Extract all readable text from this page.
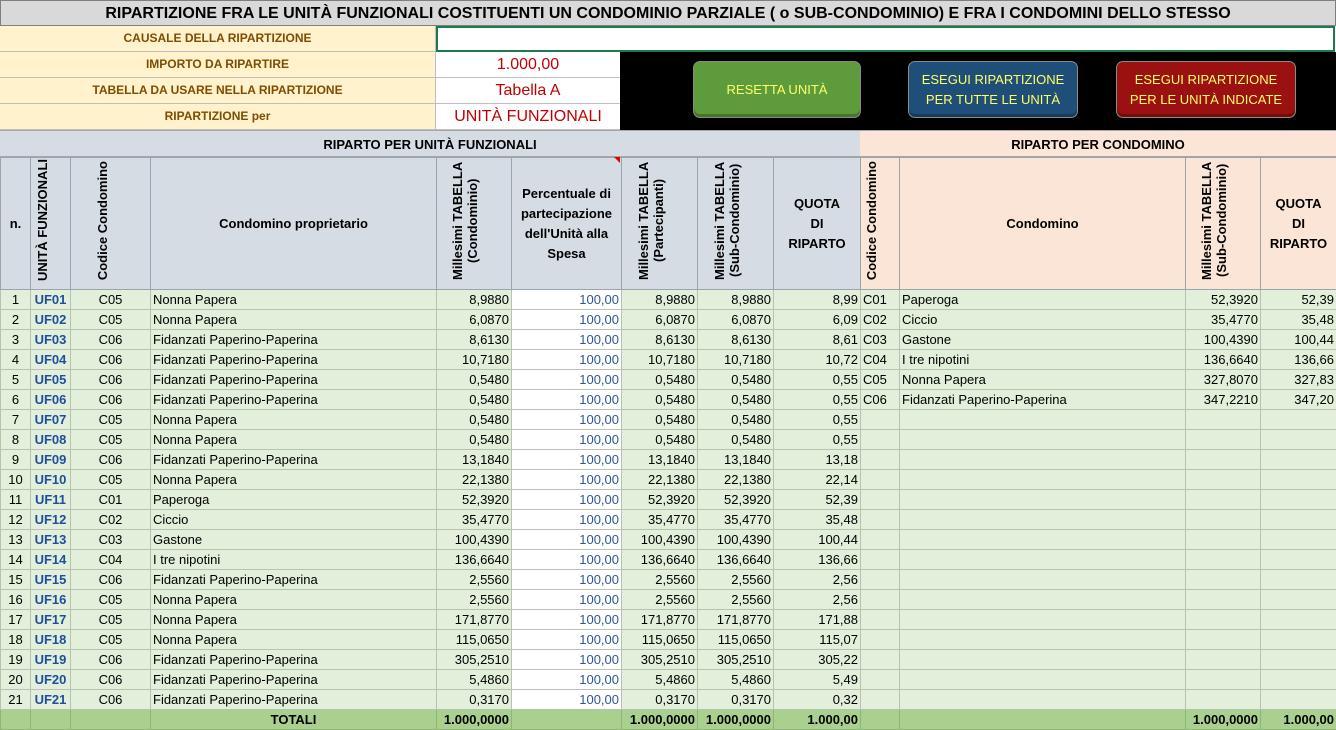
RIPARTIZIONE FRA LE UNITÀ FUNZIONALI COSTITUENTI UN CONDOMINIO PARZIALE ( o SUB-CONDOMINIO) E FRA I CONDOMINI DELLO STESSO
CAUSALE DELLA RIPARTIZIONE
IMPORTO DA RIPARTIRE	1.000,00
TABELLA DA USARE NELLA RIPARTIZIONE	Tabella A
RIPARTIZIONE per	UNITÀ FUNZIONALI
RESETTA UNITÀ
ESEGUI RIPARTIZIONE
PER TUTTE LE UNITÀ
ESEGUI RIPARTIZIONE
PER LE UNITÀ INDICATE
RIPARTO PER UNITÀ FUNZIONALI	RIPARTO PER CONDOMINO
n.	UNITÀ FUNZIONALI	Codice Condomino	Condomino proprietario	Millesimi TABELLA (Condominio)	Percentuale di partecipazione dell'Unità alla Spesa	Millesimi TABELLA (Partecipanti)	Millesimi TABELLA (Sub-Condominio)	QUOTA DI RIPARTO	Codice Condomino	Condomino	Millesimi TABELLA (Sub-Condominio)	QUOTA DI RIPARTO
1	UF01	C05	Nonna Papera	8,9880	100,00	8,9880	8,9880	8,99	C01	Paperoga	52,3920	52,39
2	UF02	C05	Nonna Papera	6,0870	100,00	6,0870	6,0870	6,09	C02	Ciccio	35,4770	35,48
3	UF03	C06	Fidanzati Paperino-Paperina	8,6130	100,00	8,6130	8,6130	8,61	C03	Gastone	100,4390	100,44
4	UF04	C06	Fidanzati Paperino-Paperina	10,7180	100,00	10,7180	10,7180	10,72	C04	I tre nipotini	136,6640	136,66
5	UF05	C06	Fidanzati Paperino-Paperina	0,5480	100,00	0,5480	0,5480	0,55	C05	Nonna Papera	327,8070	327,83
6	UF06	C06	Fidanzati Paperino-Paperina	0,5480	100,00	0,5480	0,5480	0,55	C06	Fidanzati Paperino-Paperina	347,2210	347,20
7	UF07	C05	Nonna Papera	0,5480	100,00	0,5480	0,5480	0,55				
8	UF08	C05	Nonna Papera	0,5480	100,00	0,5480	0,5480	0,55				
9	UF09	C06	Fidanzati Paperino-Paperina	13,1840	100,00	13,1840	13,1840	13,18				
10	UF10	C05	Nonna Papera	22,1380	100,00	22,1380	22,1380	22,14				
11	UF11	C01	Paperoga	52,3920	100,00	52,3920	52,3920	52,39				
12	UF12	C02	Ciccio	35,4770	100,00	35,4770	35,4770	35,48				
13	UF13	C03	Gastone	100,4390	100,00	100,4390	100,4390	100,44				
14	UF14	C04	I tre nipotini	136,6640	100,00	136,6640	136,6640	136,66				
15	UF15	C06	Fidanzati Paperino-Paperina	2,5560	100,00	2,5560	2,5560	2,56				
16	UF16	C05	Nonna Papera	2,5560	100,00	2,5560	2,5560	2,56				
17	UF17	C05	Nonna Papera	171,8770	100,00	171,8770	171,8770	171,88				
18	UF18	C05	Nonna Papera	115,0650	100,00	115,0650	115,0650	115,07				
19	UF19	C06	Fidanzati Paperino-Paperina	305,2510	100,00	305,2510	305,2510	305,22				
20	UF20	C06	Fidanzati Paperino-Paperina	5,4860	100,00	5,4860	5,4860	5,49				
21	UF21	C06	Fidanzati Paperino-Paperina	0,3170	100,00	0,3170	0,3170	0,32				
			TOTALI	1.000,0000		1.000,0000	1.000,0000	1.000,00			1.000,0000	1.000,00
